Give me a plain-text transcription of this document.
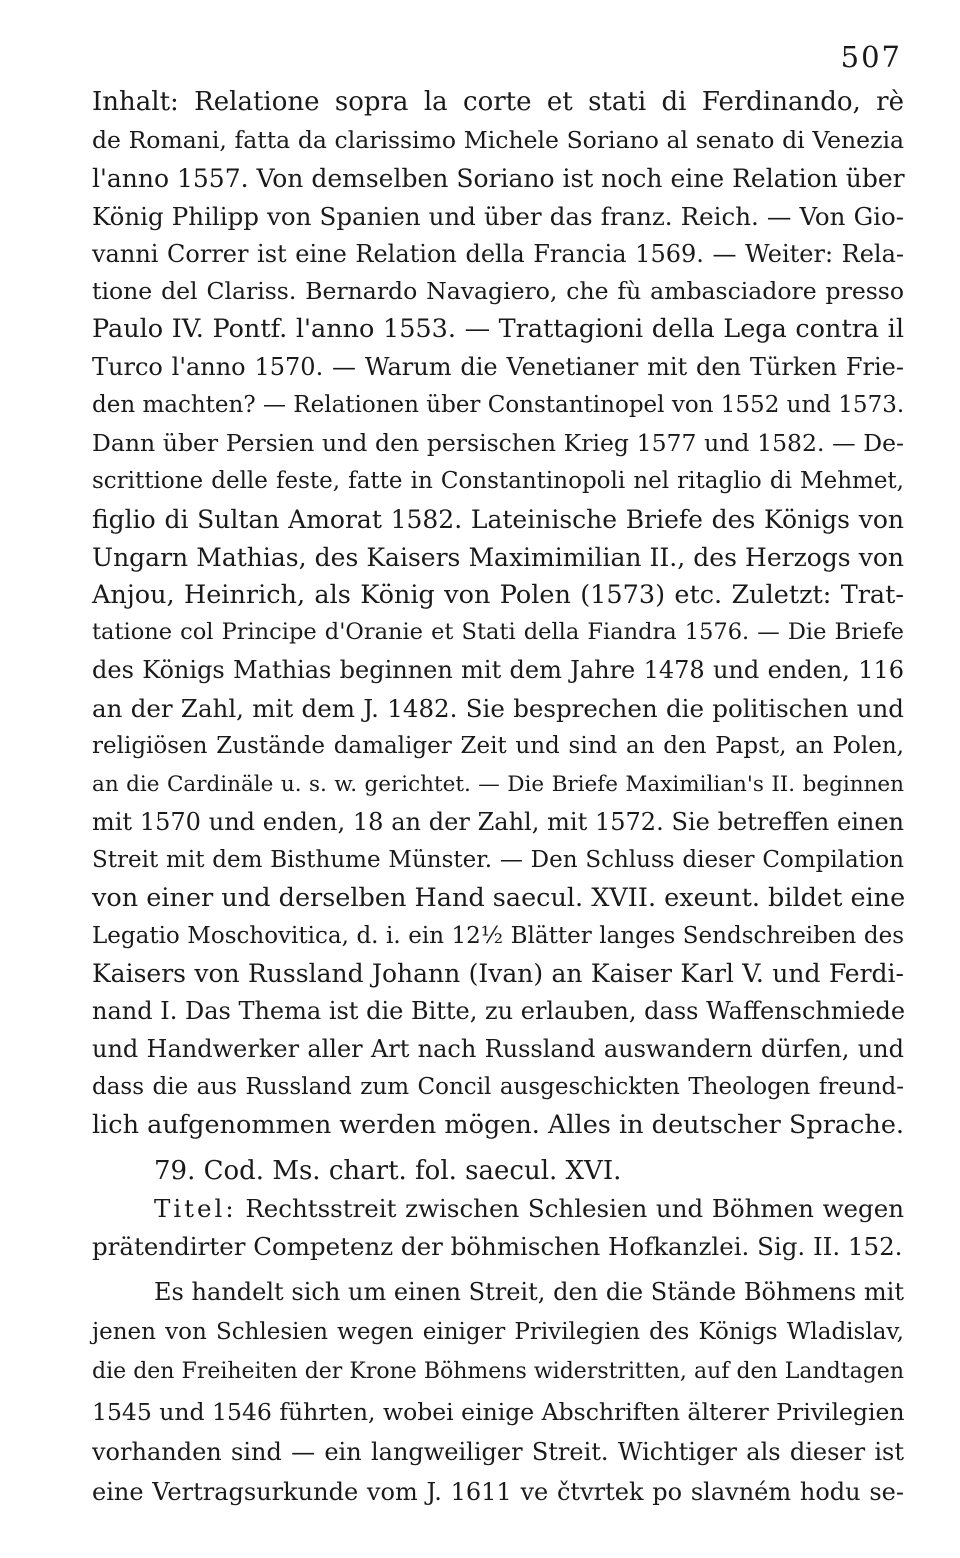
507
Inhalt: Relatione sopra la corte et stati di Ferdinando, rè
de Romani, fatta da clarissimo Michele Soriano al senato di Venezia
l'anno 1557. Von demselben Soriano ist noch eine Relation über
König Philipp von Spanien und über das franz. Reich. — Von Gio-
vanni Correr ist eine Relation della Francia 1569. — Weiter: Rela-
tione del Clariss. Bernardo Navagiero, che fù ambasciadore presso
Paulo IV. Pontf. l'anno 1553. — Trattagioni della Lega contra il
Turco l'anno 1570. — Warum die Venetianer mit den Türken Frie-
den machten? — Relationen über Constantinopel von 1552 und 1573.
Dann über Persien und den persischen Krieg 1577 und 1582. — De-
scrittione delle feste, fatte in Constantinopoli nel ritaglio di Mehmet,
figlio di Sultan Amorat 1582. Lateinische Briefe des Königs von
Ungarn Mathias, des Kaisers Maximimilian II., des Herzogs von
Anjou, Heinrich, als König von Polen (1573) etc. Zuletzt: Trat-
tatione col Principe d'Oranie et Stati della Fiandra 1576. — Die Briefe
des Königs Mathias beginnen mit dem Jahre 1478 und enden, 116
an der Zahl, mit dem J. 1482. Sie besprechen die politischen und
religiösen Zustände damaliger Zeit und sind an den Papst, an Polen,
an die Cardinäle u. s. w. gerichtet. — Die Briefe Maximilian's II. beginnen
mit 1570 und enden, 18 an der Zahl, mit 1572. Sie betreffen einen
Streit mit dem Bisthume Münster. — Den Schluss dieser Compilation
von einer und derselben Hand saecul. XVII. exeunt. bildet eine
Legatio Moschovitica, d. i. ein 12½ Blätter langes Sendschreiben des
Kaisers von Russland Johann (Ivan) an Kaiser Karl V. und Ferdi-
nand I. Das Thema ist die Bitte, zu erlauben, dass Waffenschmiede
und Handwerker aller Art nach Russland auswandern dürfen, und
dass die aus Russland zum Concil ausgeschickten Theologen freund-
lich aufgenommen werden mögen. Alles in deutscher Sprache.
79. Cod. Ms. chart. fol. saecul. XVI.
Titel: Rechtsstreit zwischen Schlesien und Böhmen wegen
prätendirter Competenz der böhmischen Hofkanzlei. Sig. II. 152.
Es handelt sich um einen Streit, den die Stände Böhmens mit
jenen von Schlesien wegen einiger Privilegien des Königs Wladislav,
die den Freiheiten der Krone Böhmens widerstritten, auf den Landtagen
1545 und 1546 führten, wobei einige Abschriften älterer Privilegien
vorhanden sind — ein langweiliger Streit. Wichtiger als dieser ist
eine Vertragsurkunde vom J. 1611 ve čtvrtek po slavném hodu se-
